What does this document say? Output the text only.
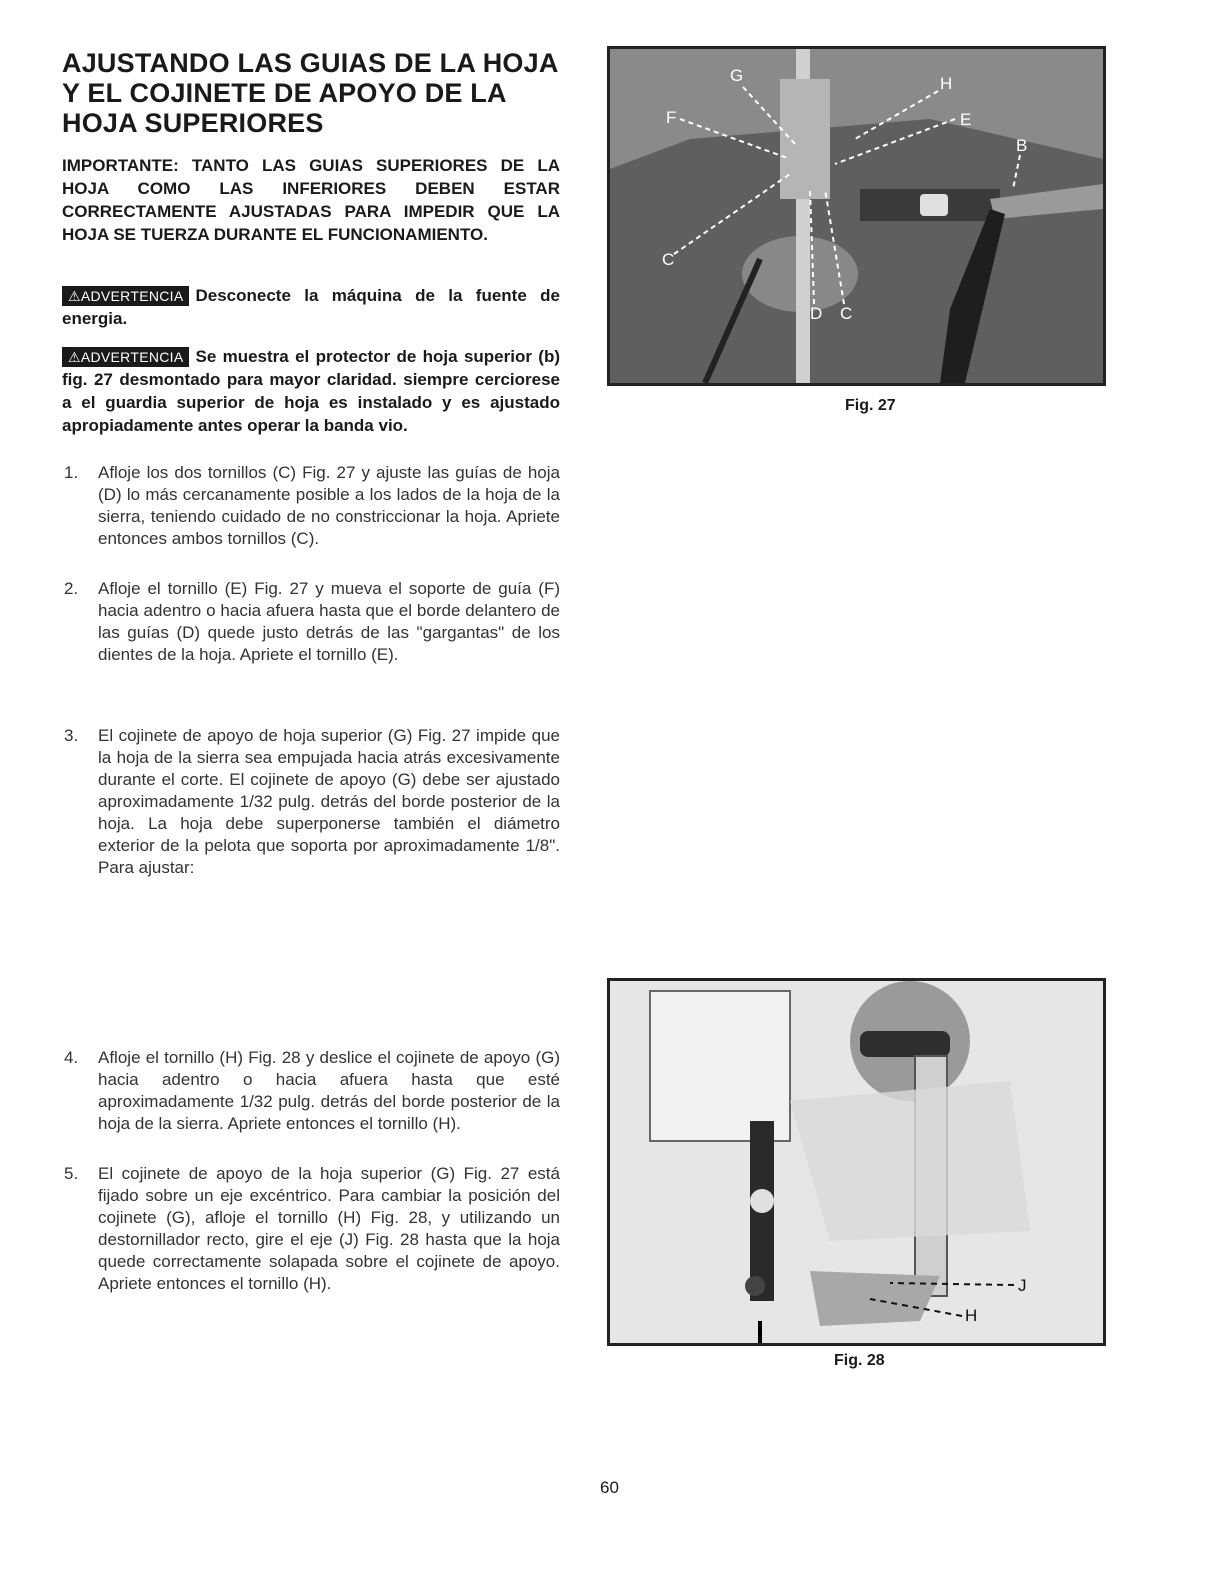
AJUSTANDO LAS GUIAS DE LA HOJA Y EL COJINETE DE APOYO DE LA HOJA SUPERIORES

IMPORTANTE: TANTO LAS GUIAS SUPERIORES DE LA HOJA COMO LAS INFERIORES DEBEN ESTAR CORRECTAMENTE AJUSTADAS PARA IMPEDIR QUE LA HOJA SE TUERZA DURANTE EL FUNCIONAMIENTO.

⚠ADVERTENCIA Desconecte la máquina de la fuente de energia.

⚠ADVERTENCIA Se muestra el protector de hoja superior (b) fig. 27 desmontado para mayor claridad. siempre cerciorese a el guardia superior de hoja es instalado y es ajustado apropiadamente antes operar la banda vio.

1. Afloje los dos tornillos (C) Fig. 27 y ajuste las guías de hoja (D) lo más cercanamente posible a los lados de la hoja de la sierra, teniendo cuidado de no constriccionar la hoja. Apriete entonces ambos tornillos (C).
2. Afloje el tornillo (E) Fig. 27 y mueva el soporte de guía (F) hacia adentro o hacia afuera hasta que el borde delantero de las guías (D) quede justo detrás de las "gargantas" de los dientes de la hoja. Apriete el tornillo (E).
3. El cojinete de apoyo de hoja superior (G) Fig. 27 impide que la hoja de la sierra sea empujada hacia atrás excesivamente durante el corte. El cojinete de apoyo (G) debe ser ajustado aproximadamente 1/32 pulg. detrás del borde posterior de la hoja. La hoja debe superponerse también el diámetro exterior de la pelota que soporta por aproximadamente 1/8". Para ajustar:
4. Afloje el tornillo (H) Fig. 28 y deslice el cojinete de apoyo (G) hacia adentro o hacia afuera hasta que esté aproximadamente 1/32 pulg. detrás del borde posterior de la hoja de la sierra. Apriete entonces el tornillo (H).
5. El cojinete de apoyo de la hoja superior (G) Fig. 27 está fijado sobre un eje excéntrico. Para cambiar la posición del cojinete (G), afloje el tornillo (H) Fig. 28, y utilizando un destornillador recto, gire el eje (J) Fig. 28 hasta que la hoja quede correctamente solapada sobre el cojinete de apoyo. Apriete entonces el tornillo (H).
G	H
F	E
B
C
D C
Fig. 27
J
H
Fig. 28
60
